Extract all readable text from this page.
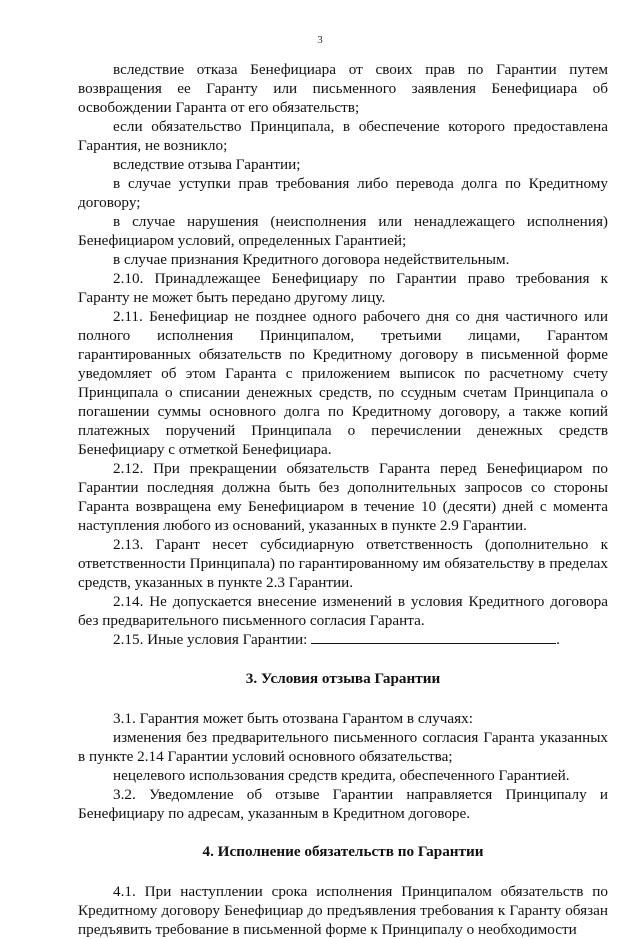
3

вследствие отказа Бенефициара от своих прав по Гарантии путем возвращения ее Гаранту или письменного заявления Бенефициара об освобождении Гаранта от его обязательств;

если обязательство Принципала, в обеспечение которого предоставлена Гарантия, не возникло;

вследствие отзыва Гарантии;

в случае уступки прав требования либо перевода долга по Кредитному договору;

в случае нарушения (неисполнения или ненадлежащего исполнения) Бенефициаром условий, определенных Гарантией;

в случае признания Кредитного договора недействительным.

2.10. Принадлежащее Бенефициару по Гарантии право требования к Гаранту не может быть передано другому лицу.

2.11. Бенефициар не позднее одного рабочего дня со дня частичного или полного исполнения Принципалом, третьими лицами, Гарантом гарантированных обязательств по Кредитному договору в письменной форме уведомляет об этом Гаранта с приложением выписок по расчетному счету Принципала о списании денежных средств, по ссудным счетам Принципала о погашении суммы основного долга по Кредитному договору, а также копий платежных поручений Принципала о перечислении денежных средств Бенефициару с отметкой Бенефициара.

2.12. При прекращении обязательств Гаранта перед Бенефициаром по Гарантии последняя должна быть без дополнительных запросов со стороны Гаранта возвращена ему Бенефициаром в течение 10 (десяти) дней с момента наступления любого из оснований, указанных в пункте 2.9 Гарантии.

2.13. Гарант несет субсидиарную ответственность (дополнительно к ответственности Принципала) по гарантированному им обязательству в пределах средств, указанных в пункте 2.3 Гарантии.

2.14. Не допускается внесение изменений в условия Кредитного договора без предварительного письменного согласия Гаранта.

2.15. Иные условия Гарантии:	.

3. Условия отзыва Гарантии

3.1. Гарантия может быть отозвана Гарантом в случаях:

изменения без предварительного письменного согласия Гаранта указанных в пункте 2.14 Гарантии условий основного обязательства;

нецелевого использования средств кредита, обеспеченного Гарантией.

3.2. Уведомление об отзыве Гарантии направляется Принципалу и Бенефициару по адресам, указанным в Кредитном договоре.

4. Исполнение обязательств по Гарантии

4.1. При наступлении срока исполнения Принципалом обязательств по Кредитному договору Бенефициар до предъявления требования к Гаранту обязан предъявить требование в письменной форме к Принципалу о необходимости
